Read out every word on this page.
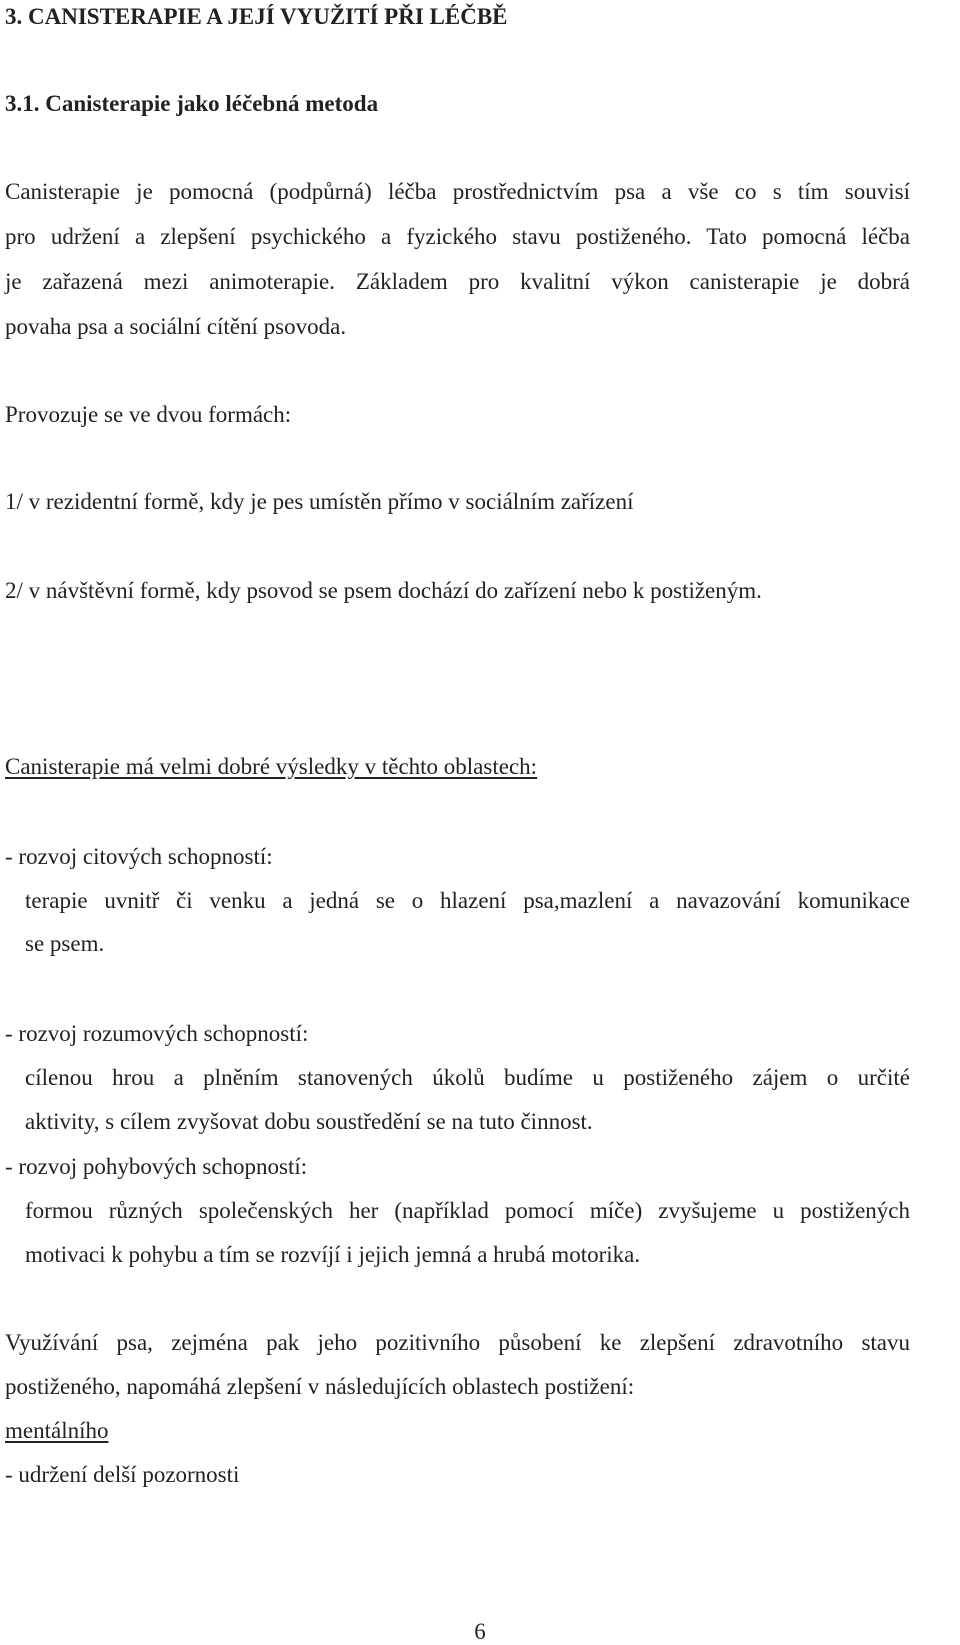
3. CANISTERAPIE A JEJÍ VYUŽITÍ PŘI LÉČBĚ
3.1. Canisterapie jako léčebná metoda
Canisterapie je pomocná (podpůrná) léčba prostřednictvím psa a vše co s tím souvisí
pro udržení a zlepšení psychického a fyzického stavu postiženého. Tato pomocná léčba
je zařazená mezi animoterapie. Základem pro kvalitní výkon canisterapie je dobrá
povaha psa a sociální cítění psovoda.
Provozuje se ve dvou formách:
1/ v rezidentní formě, kdy je pes umístěn přímo v sociálním zařízení
2/ v návštěvní formě, kdy psovod se psem dochází do zařízení nebo k postiženým.
Canisterapie má velmi dobré výsledky v těchto oblastech:
- rozvoj citových schopností:
terapie uvnitř či venku a jedná se o hlazení psa,mazlení a navazování komunikace
se psem.
- rozvoj rozumových schopností:
cílenou hrou a plněním stanovených úkolů budíme u postiženého zájem o určité
aktivity, s cílem zvyšovat dobu soustředění se na tuto činnost.
- rozvoj pohybových schopností:
formou různých společenských her (například pomocí míče) zvyšujeme u postižených
motivaci k pohybu a tím se rozvíjí i jejich jemná a hrubá motorika.
Využívání psa, zejména pak jeho pozitivního působení ke zlepšení zdravotního stavu
postiženého, napomáhá zlepšení v následujících oblastech postižení:
mentálního
- udržení delší pozornosti
6
